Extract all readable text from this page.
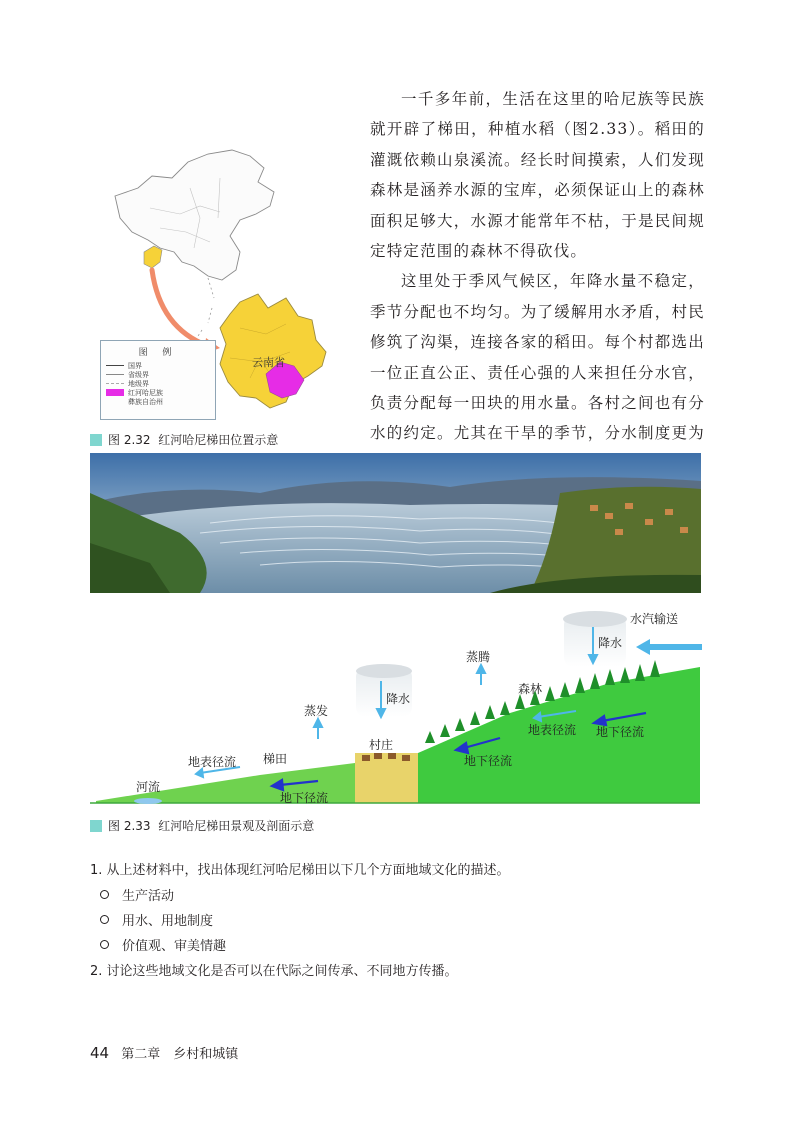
云南省
图 例
国界
省级界
地级界
红河哈尼族
彝族自治州
图 2.32
红河哈尼梯田位置示意

一千多年前，生活在这里的哈尼族等民族就开辟了梯田，种植水稻（图2.33）。稻田的灌溉依赖山泉溪流。经长时间摸索，人们发现森林是涵养水源的宝库，必须保证山上的森林面积足够大，水源才能常年不枯，于是民间规定特定范围的森林不得砍伐。

这里处于季风气候区，年降水量不稳定，季节分配也不均匀。为了缓解用水矛盾，村民修筑了沟渠，连接各家的稻田。每个村都选出一位正直公正、责任心强的人来担任分水官，负责分配每一田块的用水量。各村之间也有分水的约定。尤其在干旱的季节，分水制度更为

水汽输送
降水
蒸腾
森林
降水
蒸发
地表径流 地下径流
村庄
地下径流
梯田
地表径流
河流
地下径流
图 2.33
红河哈尼梯田景观及剖面示意
1. 从上述材料中，找出体现红河哈尼梯田以下几个方面地域文化的描述。
生产活动
用水、用地制度
价值观、审美情趣
2. 讨论这些地域文化是否可以在代际之间传承、不同地方传播。
44 第二章　乡村和城镇
